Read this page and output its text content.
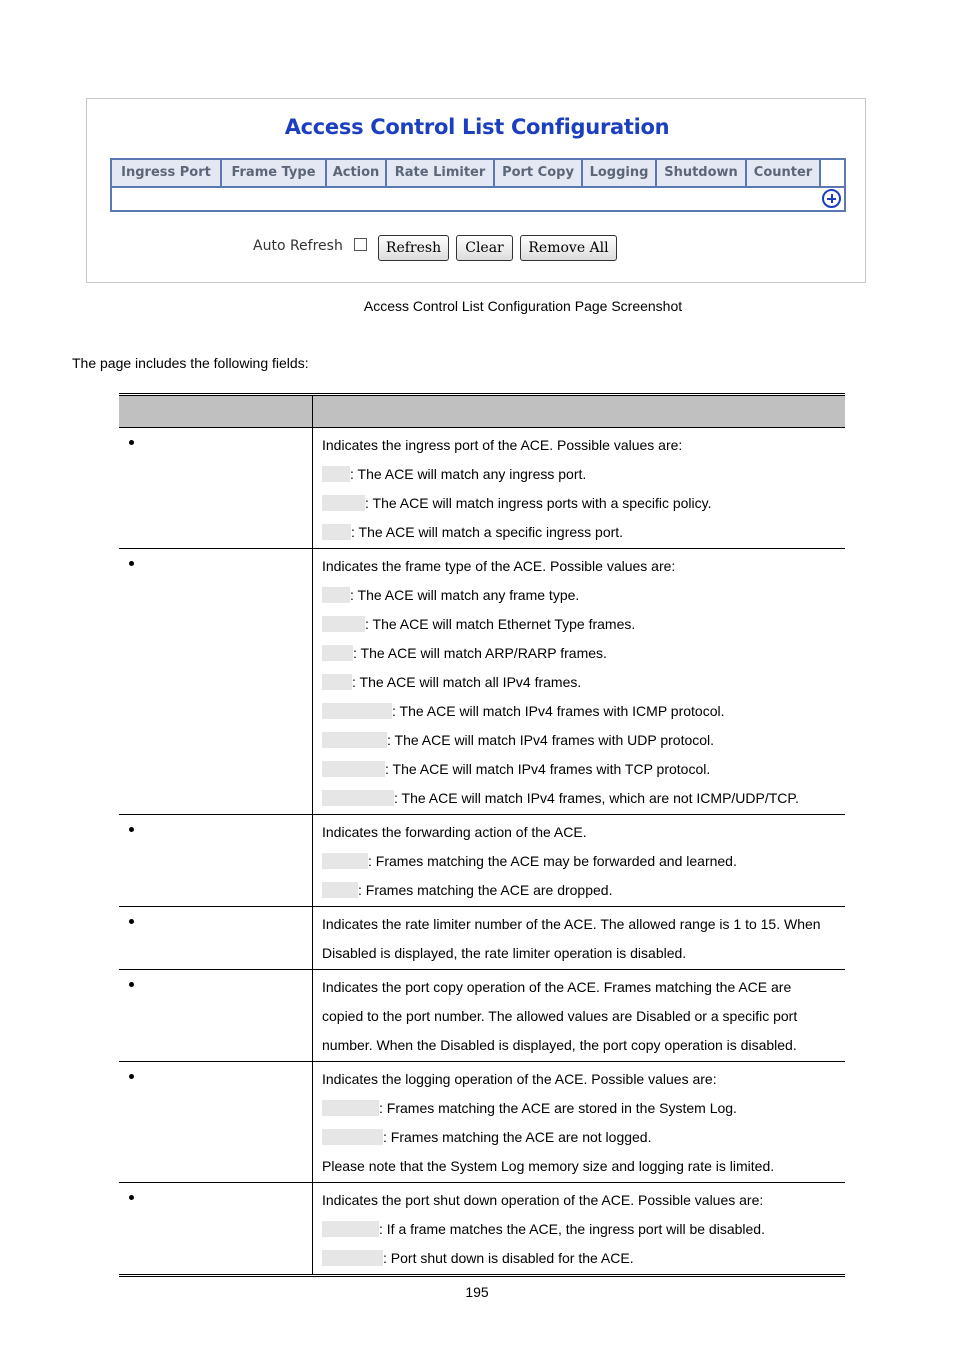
Access Control List Configuration
Ingress Port	Frame Type	Action	Rate Limiter	Port Copy	Logging	Shutdown	Counter
Auto Refresh	Refresh	Clear	Remove All
Access Control List Configuration Page Screenshot
The page includes the following fields:
Indicates the ingress port of the ACE. Possible values are:
: The ACE will match any ingress port.
: The ACE will match ingress ports with a specific policy.
: The ACE will match a specific ingress port.
Indicates the frame type of the ACE. Possible values are:
: The ACE will match any frame type.
: The ACE will match Ethernet Type frames.
: The ACE will match ARP/RARP frames.
: The ACE will match all IPv4 frames.
: The ACE will match IPv4 frames with ICMP protocol.
: The ACE will match IPv4 frames with UDP protocol.
: The ACE will match IPv4 frames with TCP protocol.
: The ACE will match IPv4 frames, which are not ICMP/UDP/TCP.
Indicates the forwarding action of the ACE.
: Frames matching the ACE may be forwarded and learned.
: Frames matching the ACE are dropped.
Indicates the rate limiter number of the ACE. The allowed range is 1 to 15. When
Disabled is displayed, the rate limiter operation is disabled.
Indicates the port copy operation of the ACE. Frames matching the ACE are
copied to the port number. The allowed values are Disabled or a specific port
number. When the Disabled is displayed, the port copy operation is disabled.
Indicates the logging operation of the ACE. Possible values are:
: Frames matching the ACE are stored in the System Log.
: Frames matching the ACE are not logged.
Please note that the System Log memory size and logging rate is limited.
Indicates the port shut down operation of the ACE. Possible values are:
: If a frame matches the ACE, the ingress port will be disabled.
: Port shut down is disabled for the ACE.
195
